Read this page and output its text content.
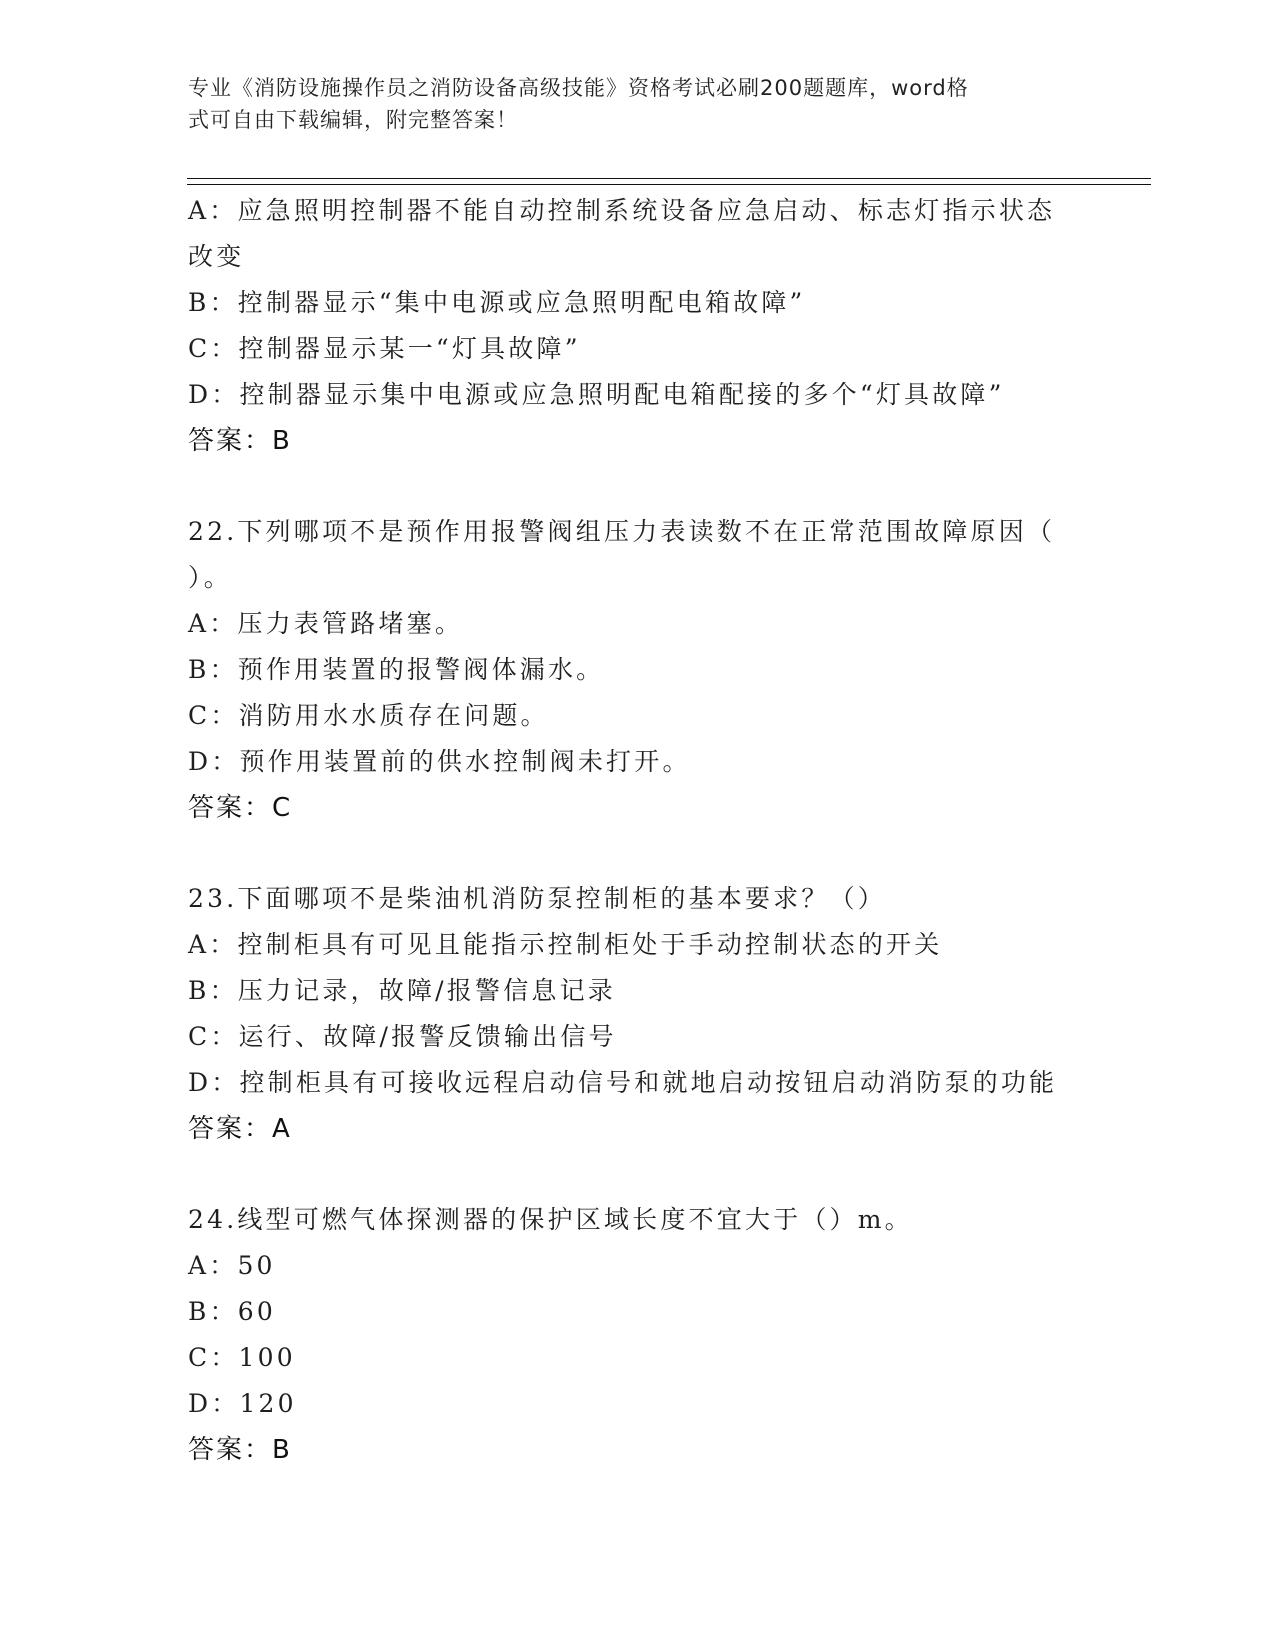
专业《消防设施操作员之消防设备高级技能》资格考试必刷200题题库，word格
式可自由下载编辑，附完整答案！
A：应急照明控制器不能自动控制系统设备应急启动、标志灯指示状态
改变
B：控制器显示“集中电源或应急照明配电箱故障”
C：控制器显示某一“灯具故障”
D：控制器显示集中电源或应急照明配电箱配接的多个“灯具故障”
答案：B
22.下列哪项不是预作用报警阀组压力表读数不在正常范围故障原因（
）。
A：压力表管路堵塞。
B：预作用装置的报警阀体漏水。
C：消防用水水质存在问题。
D：预作用装置前的供水控制阀未打开。
答案：C
23.下面哪项不是柴油机消防泵控制柜的基本要求？（）
A：控制柜具有可见且能指示控制柜处于手动控制状态的开关
B：压力记录，故障/报警信息记录
C：运行、故障/报警反馈输出信号
D：控制柜具有可接收远程启动信号和就地启动按钮启动消防泵的功能
答案：A
24.线型可燃气体探测器的保护区域长度不宜大于（）m。
A：50
B：60
C：100
D：120
答案：B
